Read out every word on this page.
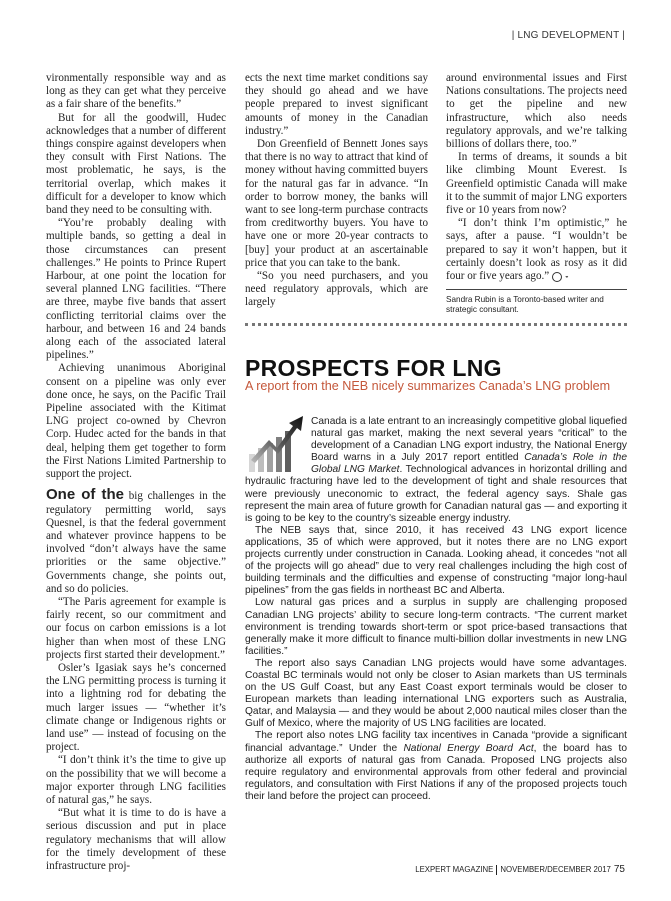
| LNG DEVELOPMENT |

vironmentally responsible way and as long as they can get what they perceive as a fair share of the benefits.”

But for all the goodwill, Hudec acknowledges that a number of different things conspire against developers when they consult with First Nations. The most problematic, he says, is the territorial overlap, which makes it difficult for a developer to know which band they need to be consulting with.

“You’re probably dealing with multiple bands, so getting a deal in those circumstances can present challenges.” He points to Prince Rupert Harbour, at one point the location for several planned LNG facilities. “There are three, maybe five bands that assert conflicting territorial claims over the harbour, and between 16 and 24 bands along each of the associated lateral pipelines.”

Achieving unanimous Aboriginal consent on a pipeline was only ever done once, he says, on the Pacific Trail Pipeline associated with the Kitimat LNG project co-owned by Chevron Corp. Hudec acted for the bands in that deal, helping them get together to form the First Nations Limited Partnership to support the project.

One of the big challenges in the regulatory permitting world, says Quesnel, is that the federal government and whatever province happens to be involved “don’t always have the same priorities or the same objective.” Governments change, she points out, and so do policies.

“The Paris agreement for example is fairly recent, so our commitment and our focus on carbon emissions is a lot higher than when most of these LNG projects first started their development.”

Osler’s Igasiak says he’s concerned the LNG permitting process is turning it into a lightning rod for debating the much larger issues — “whether it’s climate change or Indigenous rights or land use” — instead of focusing on the project.

“I don’t think it’s the time to give up on the possibility that we will become a major exporter through LNG facilities of natural gas,” he says.

“But what it is time to do is have a serious discussion and put in place regulatory mechanisms that will allow for the timely development of these infrastructure proj-

ects the next time market conditions say they should go ahead and we have people prepared to invest significant amounts of money in the Canadian industry.”

Don Greenfield of Bennett Jones says that there is no way to attract that kind of money without having committed buyers for the natural gas far in advance. “In order to borrow money, the banks will want to see long-term purchase contracts from creditworthy buyers. You have to have one or more 20-year contracts to [buy] your product at an ascertainable price that you can take to the bank.

“So you need purchasers, and you need regulatory approvals, which are largely

around environmental issues and First Nations consultations. The projects need to get the pipeline and new infrastructure, which also needs regulatory approvals, and we’re talking billions of dollars there, too.”

In terms of dreams, it sounds a bit like climbing Mount Everest. Is Greenfield optimistic Canada will make it to the summit of major LNG exporters five or 10 years from now?

“I don’t think I’m optimistic,” he says, after a pause. “I wouldn’t be prepared to say it won’t happen, but it certainly doesn’t look as rosy as it did four or five years ago.”	◒

Sandra Rubin is a Toronto-based writer and strategic consultant.
PROSPECTS FOR LNG
A report from the NEB nicely summarizes Canada’s LNG problem

Canada is a late entrant to an increasingly competitive global liquefied natural gas market, making the next several years “critical” to the development of a Canadian LNG export industry, the National Energy Board warns in a July 2017 report entitled Canada’s Role in the Global LNG Market. Technological advances in horizontal drilling and hydraulic fracturing have led to the development of tight and shale resources that were previously uneconomic to extract, the federal agency says. Shale gas represent the main area of future growth for Canadian natural gas — and exporting it is going to be key to the country’s sizeable energy industry.

The NEB says that, since 2010, it has received 43 LNG export licence applications, 35 of which were approved, but it notes there are no LNG export projects currently under construction in Canada. Looking ahead, it concedes “not all of the projects will go ahead” due to very real challenges including the high cost of building terminals and the difficulties and expense of constructing “major long-haul pipelines” from the gas fields in northeast BC and Alberta.

Low natural gas prices and a surplus in supply are challenging proposed Canadian LNG projects’ ability to secure long-term contracts. “The current market environment is trending towards short-term or spot price-based transactions that generally make it more difficult to finance multi-billion dollar investments in new LNG facilities.”

The report also says Canadian LNG projects would have some advantages. Coastal BC terminals would not only be closer to Asian markets than US terminals on the US Gulf Coast, but any East Coast export terminals would be closer to European markets than leading international LNG exporters such as Australia, Qatar, and Malaysia — and they would be about 2,000 nautical miles closer than the Gulf of Mexico, where the majority of US LNG facilities are located.

The report also notes LNG facility tax incentives in Canada “provide a significant financial advantage.” Under the National Energy Board Act, the board has to authorize all exports of natural gas from Canada. Proposed LNG projects also require regulatory and environmental approvals from other federal and provincial regulators, and consultation with First Nations if any of the proposed projects touch their land before the project can proceed.

LEXPERT MAGAZINE NOVEMBER/DECEMBER 2017 75
